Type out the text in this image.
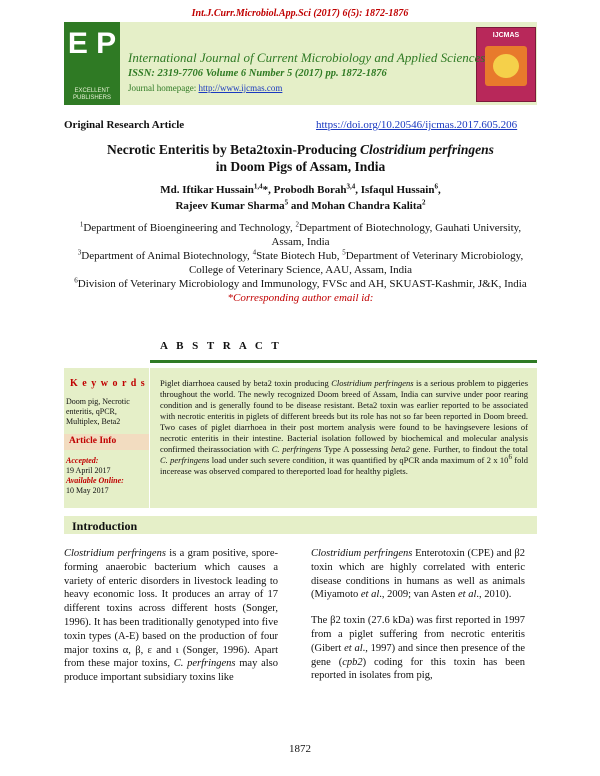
Int.J.Curr.Microbiol.App.Sci (2017) 6(5): 1872-1876
E P
EXCELLENT PUBLISHERS
IJCMAS
International Journal of Current Microbiology and Applied Sciences
ISSN: 2319-7706 Volume 6 Number 5 (2017) pp. 1872-1876
Journal homepage: http://www.ijcmas.com
Original Research Article	https://doi.org/10.20546/ijcmas.2017.605.206
Necrotic Enteritis by Beta2toxin-Producing Clostridium perfringens
in Doom Pigs of Assam, India
Md. Iftikar Hussain$^{1,4}$*, Probodh Borah$^{3,4}$, Isfaqul Hussain$^6$,
Rajeev Kumar Sharma$^5$ and Mohan Chandra Kalita$^2$
$^1$Department of Bioengineering and Technology, $^2$Department of Biotechnology, Gauhati University, Assam, India
$^3$Department of Animal Biotechnology, $^4$State Biotech Hub, $^5$Department of Veterinary Microbiology, College of Veterinary Science, AAU, Assam, India
$^6$Division of Veterinary Microbiology and Immunology, FVSc and AH, SKUAST-Kashmir, J&K, India
*Corresponding author email id:
A B S T R A C T
K e y w o r d s
Doom pig, Necrotic enteritis, qPCR, Multiplex, Beta2
Article Info
Accepted:
19 April 2017
Available Online:
10 May 2017
Piglet diarrhoea caused by beta2 toxin producing Clostridium perfringens is a serious problem to piggeries throughout the world. The newly recognized Doom breed of Assam, India can survive under poor rearing condition and is generally found to be disease resistant. Beta2 toxin was earlier reported to be associated with necrotic enteritis in piglets of different breeds but its role has not so far been reported in Doom breed. Two cases of piglet diarrhoea in their post mortem analysis were found to be havingsevere lesions of necrotic enteritis in their intestine. Bacterial isolation followed by biochemical and molecular analysis confirmed theirassociation with C. perfringens Type A possessing beta2 gene. Further, to findout the total C. perfringens load under such severe condition, it was quantified by qPCR anda maximum of 2 x $10^6$ fold incerease was observed compared to thereported load for healthy piglets.
Introduction

Clostridium perfringens is a gram positive, spore-forming anaerobic bacterium which causes a variety of enteric disorders in livestock leading to heavy economic loss. It produces an array of 17 different toxins across different hosts (Songer, 1996). It has been traditionally genotyped into five toxin types (A-E) based on the production of four major toxins α, β, ε and ι (Songer, 1996). Apart from these major toxins, C. perfringens may also produce important subsidiary toxins like

Clostridium perfringens Enterotoxin (CPE) and β2 toxin which are highly correlated with enteric disease conditions in humans as well as animals (Miyamoto et al., 2009; van Asten et al., 2010).

The β2 toxin (27.6 kDa) was first reported in 1997 from a piglet suffering from necrotic enteritis (Gibert et al., 1997) and since then presence of the gene (cpb2) coding for this toxin has been reported in isolates from pig,

1872
